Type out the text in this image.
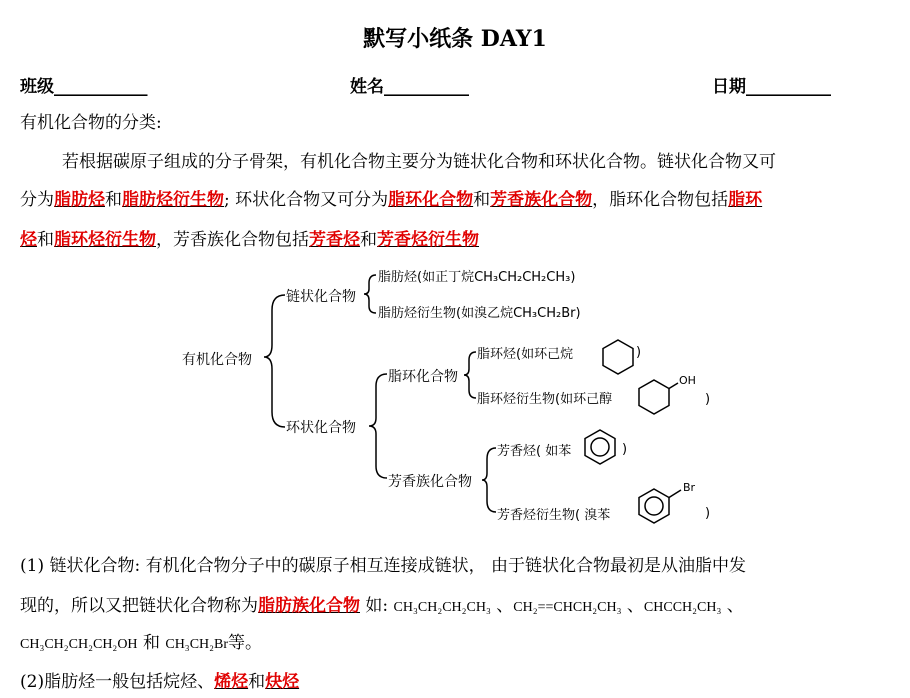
默写小纸条 DAY1
班级___________	姓名__________	日期__________
有机化合物的分类:
若根据碳原子组成的分子骨架，有机化合物主要分为链状化合物和环状化合物。链状化合物又可
分为脂肪烃和脂肪烃衍生物; 环状化合物又可分为脂环化合物和芳香族化合物，脂环化合物包括脂环
烃和脂环烃衍生物，芳香族化合物包括芳香烃和芳香烃衍生物
有机化合物
链状化合物
脂肪烃(如正丁烷CH₃CH₂CH₂CH₃)
脂肪烃衍生物(如溴乙烷CH₃CH₂Br)
环状化合物
脂环化合物
脂环烃(如环己烷	)
脂环烃衍生物(如环己醇	)
OH
芳香族化合物
芳香烃( 如苯	)
芳香烃衍生物( 溴苯	)
Br
(1) 链状化合物: 有机化合物分子中的碳原子相互连接成链状， 由于链状化合物最初是从油脂中发
现的，所以又把链状化合物称为脂肪族化合物 如: CH₃CH₂CH₂CH₃ 、CH₂==CHCH₂CH₃ 、CHCCH₂CH₃ 、
CH₃CH₂CH₂CH₂OH 和 CH₃CH₂Br等。
(2)脂肪烃一般包括烷烃、烯烃和炔烃
